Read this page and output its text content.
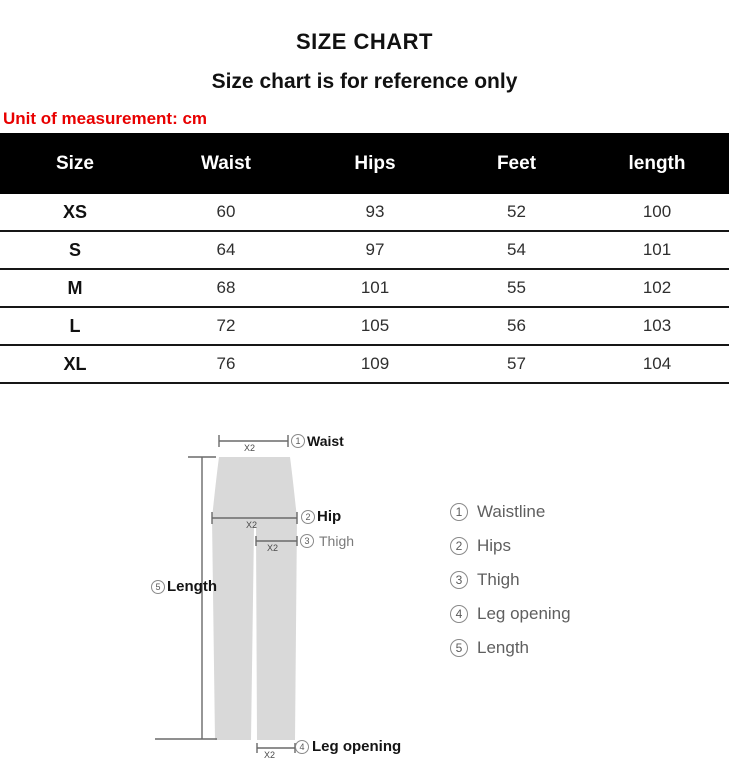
SIZE CHART
Size chart is for reference only
Unit of measurement: cm
Size	Waist	Hips	Feet	length
XS	60	93	52	100
S	64	97	54	101
M	68	101	55	102
L	72	105	56	103
XL	76	109	57	104
X2
X2
X2
X2
1 Waist
2 Hip
3 Thigh
4 Leg opening
5 Length
1 Waistline
2 Hips
3 Thigh
4 Leg opening
5 Length
